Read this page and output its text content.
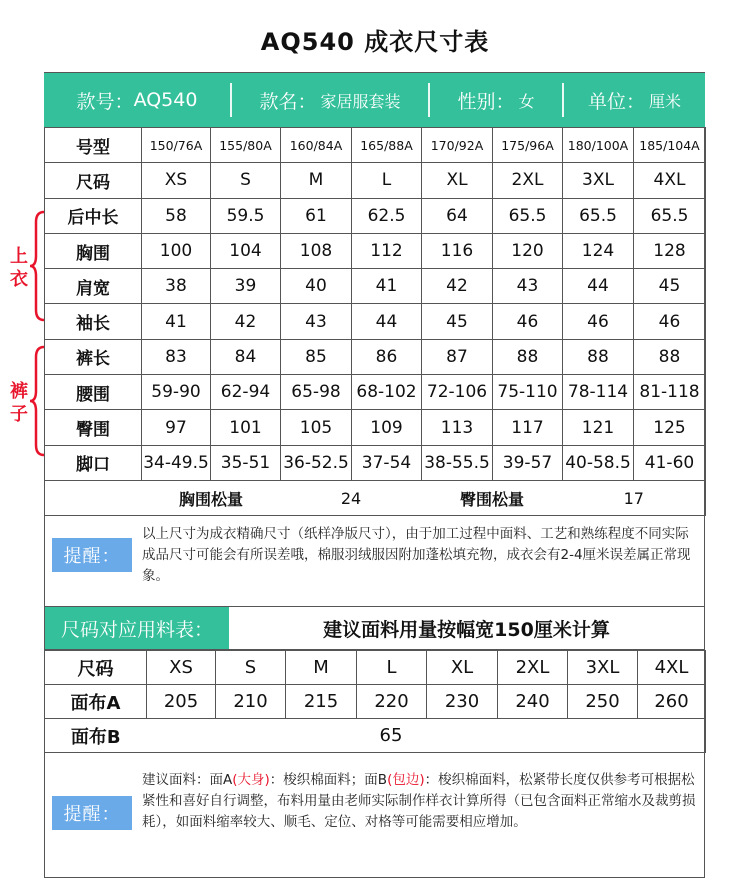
AQ540 成衣尺寸表
款号： AQ540	款名： 家居服套装	性别： 女	单位： 厘米
号型	150/76A	155/80A	160/84A	165/88A	170/92A	175/96A	180/100A	185/104A
尺码	XS	S	M	L	XL	2XL	3XL	4XL
后中长	58	59.5	61	62.5	64	65.5	65.5	65.5
胸围	100	104	108	112	116	120	124	128
肩宽	38	39	40	41	42	43	44	45
袖长	41	42	43	44	45	46	46	46
裤长	83	84	85	86	87	88	88	88
腰围	59-90	62-94	65-98	68-102	72-106	75-110	78-114	81-118
臀围	97	101	105	109	113	117	121	125
脚口	34-49.5	35-51	36-52.5	37-54	38-55.5	39-57	40-58.5	41-60
	胸围松量		24		臀围松量		17	
上衣
裤子
提醒：
以上尺寸为成衣精确尺寸（纸样净版尺寸），由于加工过程中面料、工艺和熟练程度不同实际成品尺寸可能会有所误差哦，棉服羽绒服因附加蓬松填充物，成衣会有2-4厘米误差属正常现象。
尺码对应用料表：	建议面料用量按幅宽150厘米计算
尺码	XS	S	M	L	XL	2XL	3XL	4XL
面布A	205	210	215	220	230	240	250	260
面布B	65							
提醒：
建议面料：面A(大身)：梭织棉面料；面B(包边)：梭织棉面料，松紧带长度仅供参考可根据松紧性和喜好自行调整，布料用量由老师实际制作样衣计算所得（已包含面料正常缩水及裁剪损耗），如面料缩率较大、顺毛、定位、对格等可能需要相应增加。
